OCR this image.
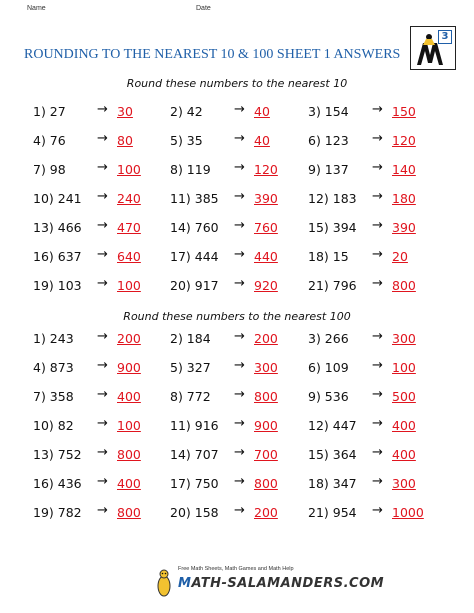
Name	Date
ROUNDING TO THE NEAREST 10 & 100 SHEET 1 ANSWERS
3
Round these numbers to the nearest 10
1) 27 → 30	2) 42 → 40	3) 154 → 150
4) 76 → 80	5) 35 → 40	6) 123 → 120
7) 98 → 100 8) 119 → 120 9) 137 → 140
10) 241 → 240 11) 385 → 390 12) 183 → 180
13) 466 → 470 14) 760 → 760 15) 394 → 390
16) 637 → 640 17) 444 → 440 18) 15 → 20
19) 103 → 100 20) 917 → 920 21) 796 → 800
Round these numbers to the nearest 100
1) 243 → 200 2) 184 → 200 3) 266 → 300
4) 873 → 900 5) 327 → 300 6) 109 → 100
7) 358 → 400 8) 772 → 800 9) 536 → 500
10) 82 → 100 11) 916 → 900 12) 447 → 400
13) 752 → 800 14) 707 → 700 15) 364 → 400
16) 436 → 400 17) 750 → 800 18) 347 → 300
19) 782 → 800 20) 158 → 200 21) 954 → 1000
Free Math Sheets, Math Games and Math Help
MATH-SALAMANDERS.COM
